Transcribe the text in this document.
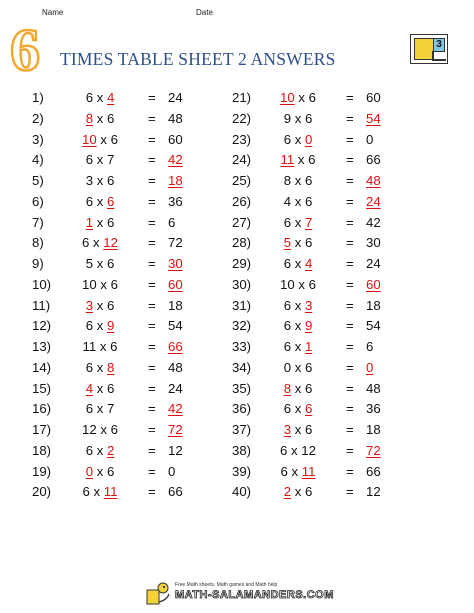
Name	Date
6 TIMES TABLE SHEET 2 ANSWERS
3
1)	6 x 4	= 24
2)	8 x 6	= 48
3)	10 x 6 = 60
4)	6 x 7	= 42
5)	3 x 6	= 18
6)	6 x 6	= 36
7)	1 x 6	= 6
8)	6 x 12 = 72
9)	5 x 6	= 30
10) 10 x 6 = 60
11)	3 x 6	= 18
12)	6 x 9	= 54
13) 11 x 6 = 66
14)	6 x 8	= 48
15)	4 x 6	= 24
16)	6 x 7	= 42
17) 12 x 6 = 72
18)	6 x 2	= 12
19)	0 x 6	= 0
20) 6 x 11 = 66
21) 10 x 6 = 60
22) 9 x 6	= 54
23) 6 x 0	= 0
24) 11 x 6 = 66
25) 8 x 6	= 48
26) 4 x 6	= 24
27) 6 x 7	= 42
28) 5 x 6	= 30
29) 6 x 4	= 24
30) 10 x 6 = 60
31) 6 x 3	= 18
32) 6 x 9	= 54
33) 6 x 1	= 6
34) 0 x 6	= 0
35) 8 x 6	= 48
36) 6 x 6	= 36
37) 3 x 6	= 18
38) 6 x 12 = 72
39) 6 x 11 = 66
40) 2 x 6	= 12
Free Math sheets, Math games and Math help
MATH-SALAMANDERS.COM
